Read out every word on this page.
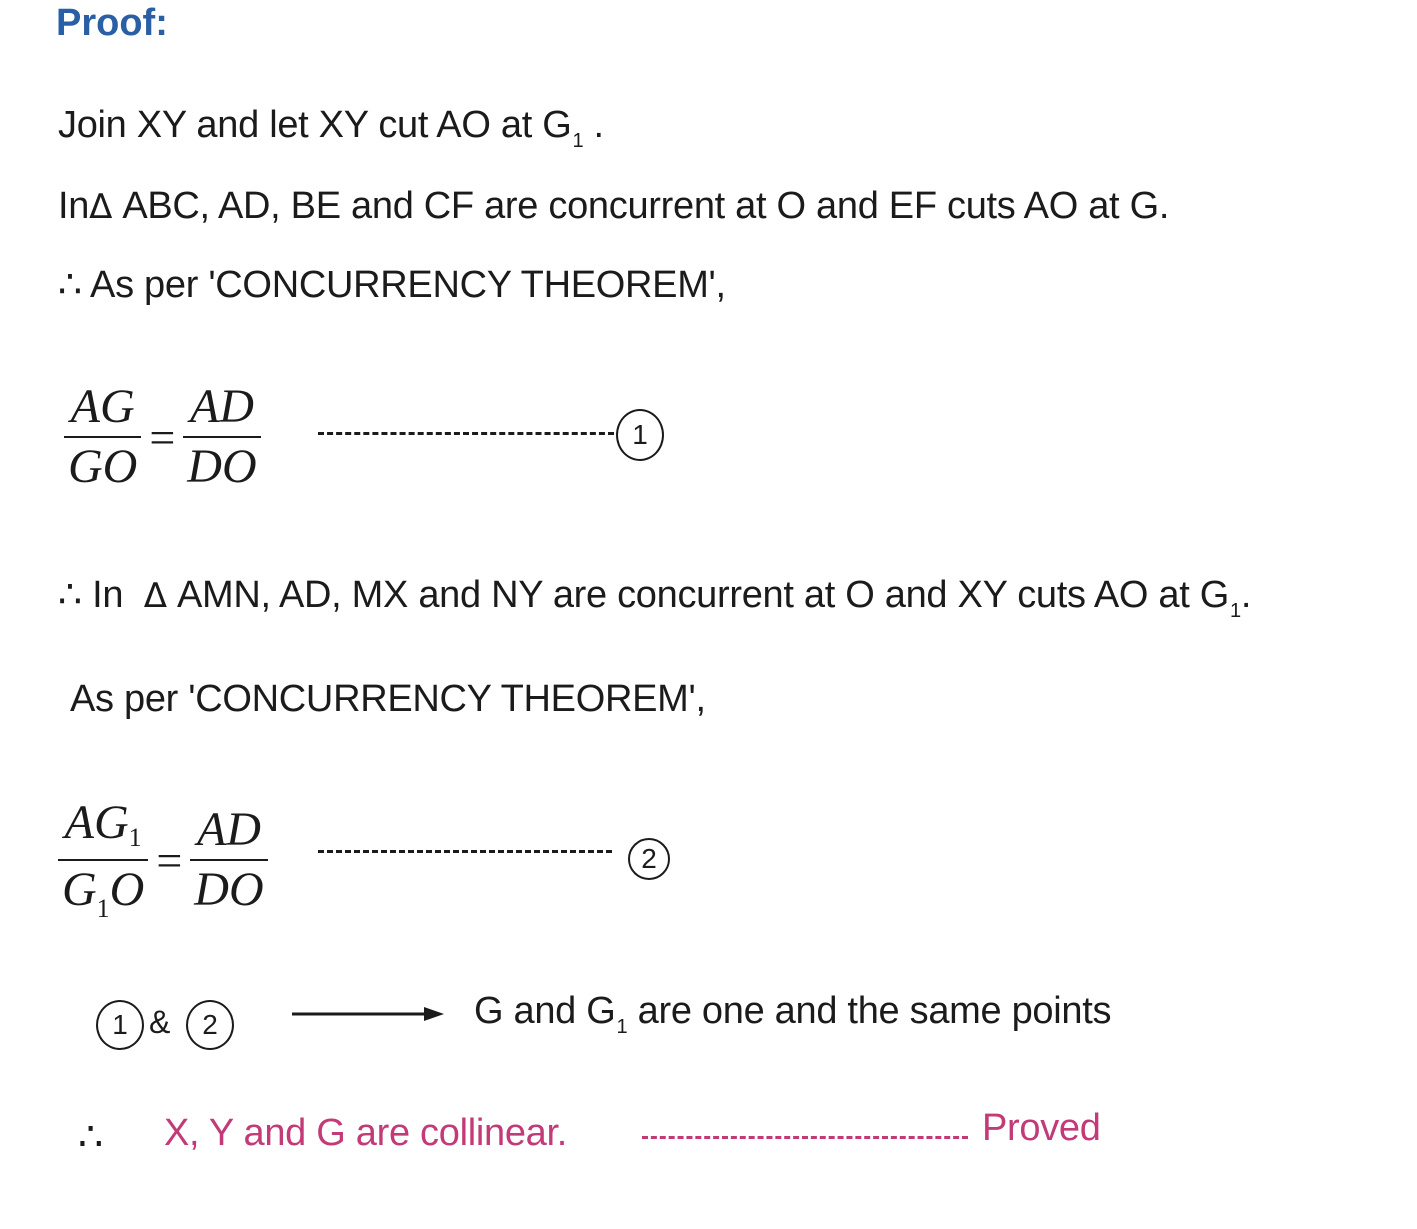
Proof:
Join XY and let XY cut AO at $G_1$ .
InΔ ABC, AD, BE and CF are concurrent at O and EF cuts AO at G.
∴ As per 'CONCURRENCY THEOREM',
$\frac{AG}{GO} = \frac{AD}{DO}$	1
∴ In  Δ AMN, AD, MX and NY are concurrent at O and XY cuts AO at $G_1$.
As per 'CONCURRENCY THEOREM',
$\frac{AG1}{G_1O} = \frac{AD}{DO}$	2
1 &	2	G and $G_1$ are one and the same points
∴ X, Y and G are collinear.	Proved
